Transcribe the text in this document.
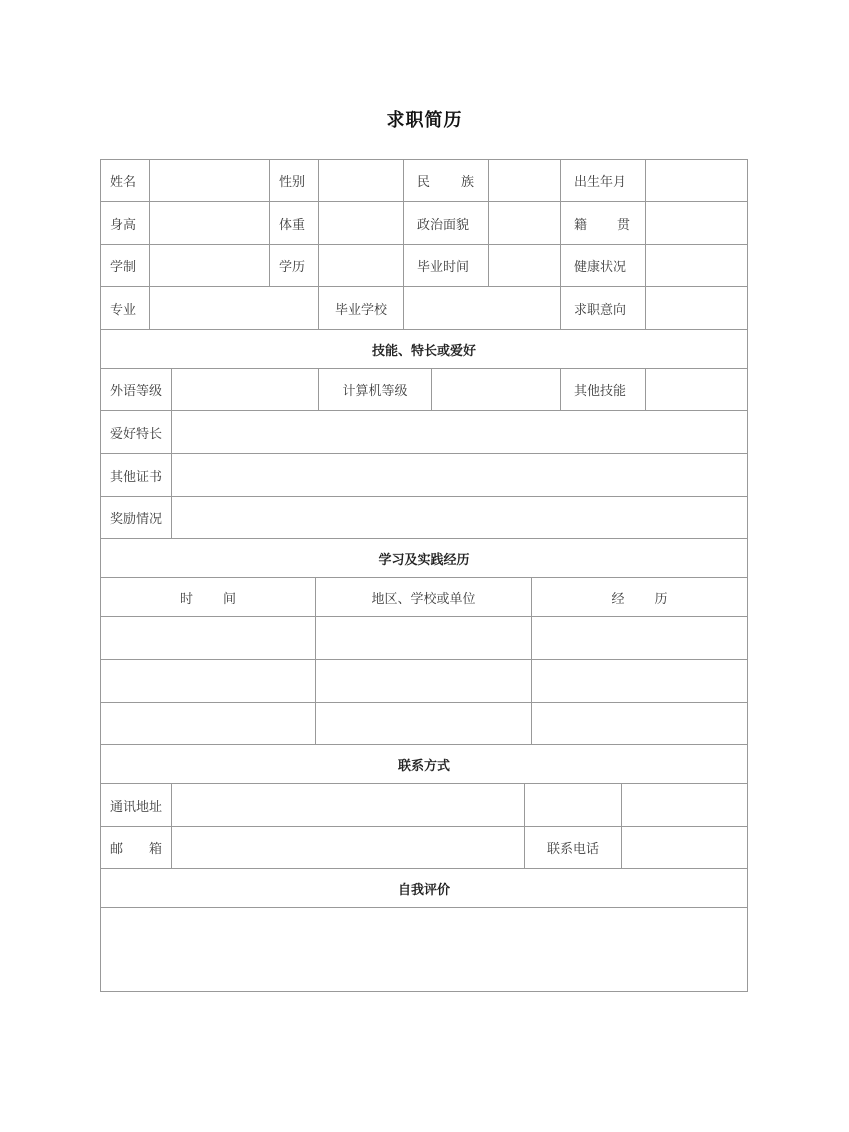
求职简历
姓名	性别	民 族	出生年月
身高	体重	政治面貌	籍 贯
学制	学历	毕业时间	健康状况
专业	毕业学校	求职意向
技能、特长或爱好
外语等级	计算机等级	其他技能
爱好特长
其他证书
奖励情况
学习及实践经历
时 间	地区、学校或单位	经 历
联系方式
通讯地址
邮 箱	联系电话
自我评价
